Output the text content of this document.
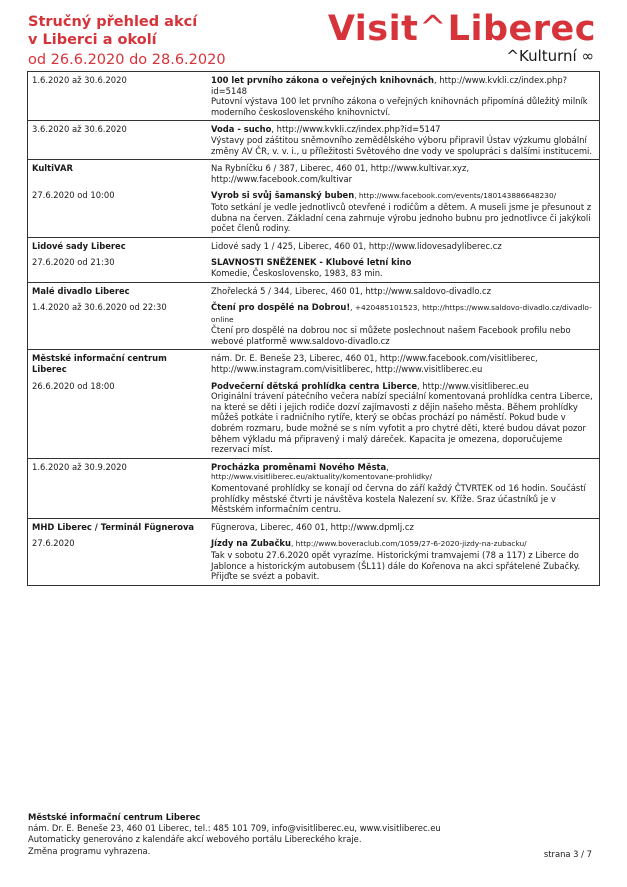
Stručný přehled akcí
v Liberci a okolí
od 26.6.2020 do 28.6.2020
Visit^Liberec
^Kulturní ∞
1.6.2020 až 30.6.2020	100 let prvního zákona o veřejných knihovnách, http://www.kvkli.cz/index.php?id=5148
Putovní výstava 100 let prvního zákona o veřejných knihovnách připomíná důležitý milník moderního československého knihovnictví.

3.6.2020 až 30.6.2020	Voda - sucho, http://www.kvkli.cz/index.php?id=5147
Výstavy pod záštitou sněmovního zemědělského výboru připravil Ústav výzkumu globální změny AV ČR, v. v. i., u příležitosti Světového dne vody ve spolupráci s dalšími institucemi.

KultiVAR	Na Rybníčku 6 / 387, Liberec, 460 01, http://www.kultivar.xyz, http://www.facebook.com/kultivar
27.6.2020 od 10:00	Vyrob si svůj šamanský buben, http://www.facebook.com/events/180143886648230/
Toto setkání je vedle jednotlivců otevřené i rodičům a dětem. A museli jsme je přesunout z dubna na červen. Základní cena zahrnuje výrobu jednoho bubnu pro jednotlivce či jakýkoli počet členů rodiny.

Lidové sady Liberec	Lidové sady 1 / 425, Liberec, 460 01, http://www.lidovesadyliberec.cz
27.6.2020 od 21:30	SLAVNOSTI SNĚŽENEK - Klubové letní kino
Komedie, Československo, 1983, 83 min.

Malé divadlo Liberec	Zhořelecká 5 / 344, Liberec, 460 01, http://www.saldovo-divadlo.cz
1.4.2020 až 30.6.2020 od 22:30	Čtení pro dospělé na Dobrou!, +420485101523, http://https://www.saldovo-divadlo.cz/divadlo-online
Čtení pro dospělé na dobrou noc si můžete poslechnout našem Facebook profilu nebo webové platformě www.saldovo-divadlo.cz

Městské informační centrum Liberec	nám. Dr. E. Beneše 23, Liberec, 460 01, http://www.facebook.com/visitliberec, http://www.instagram.com/visitliberec, http://www.visitliberec.eu
26.6.2020 od 18:00	Podvečerní dětská prohlídka centra Liberce, http://www.visitliberec.eu
Originální trávení pátečního večera nabízí speciální komentovaná prohlídka centra Liberce, na které se děti i jejich rodiče dozví zajímavosti z dějin našeho města. Během prohlídky můžeš potkáte i radničního rytíře, který se občas prochází po náměstí. Pokud bude v dobrém rozmaru, bude možné se s ním vyfotit a pro chytré děti, které budou dávat pozor během výkladu má připravený i malý dáreček. Kapacita je omezena, doporučujeme rezervaci míst.

1.6.2020 až 30.9.2020	Procházka proměnami Nového Města,
http://www.visitliberec.eu/aktuality/komentovane-prohlidky/
Komentované prohlídky se konají od června do září každý ČTVRTEK od 16 hodin. Součástí prohlídky městské čtvrti je návštěva kostela Nalezení sv. Kříže. Sraz účastníků je v Městském informačním centru.

MHD Liberec / Terminál Fügnerova	Fügnerova, Liberec, 460 01, http://www.dpmlj.cz
27.6.2020	Jízdy na Zubačku, http://www.boveraclub.com/1059/27-6-2020-jizdy-na-zubacku/
Tak v sobotu 27.6.2020 opět vyrazíme. Historickými tramvajemi (78 a 117) z Liberce do Jablonce a historickým autobusem (ŠL11) dále do Kořenova na akci spřátelené Zubačky. Přijďte se svézt a pobavit.
Městské informační centrum Liberec
nám. Dr. E. Beneše 23, 460 01 Liberec, tel.: 485 101 709, info@visitliberec.eu, www.visitliberec.eu
Automaticky generováno z kalendáře akcí webového portálu Libereckého kraje.
Změna programu vyhrazena.	strana 3 / 7
